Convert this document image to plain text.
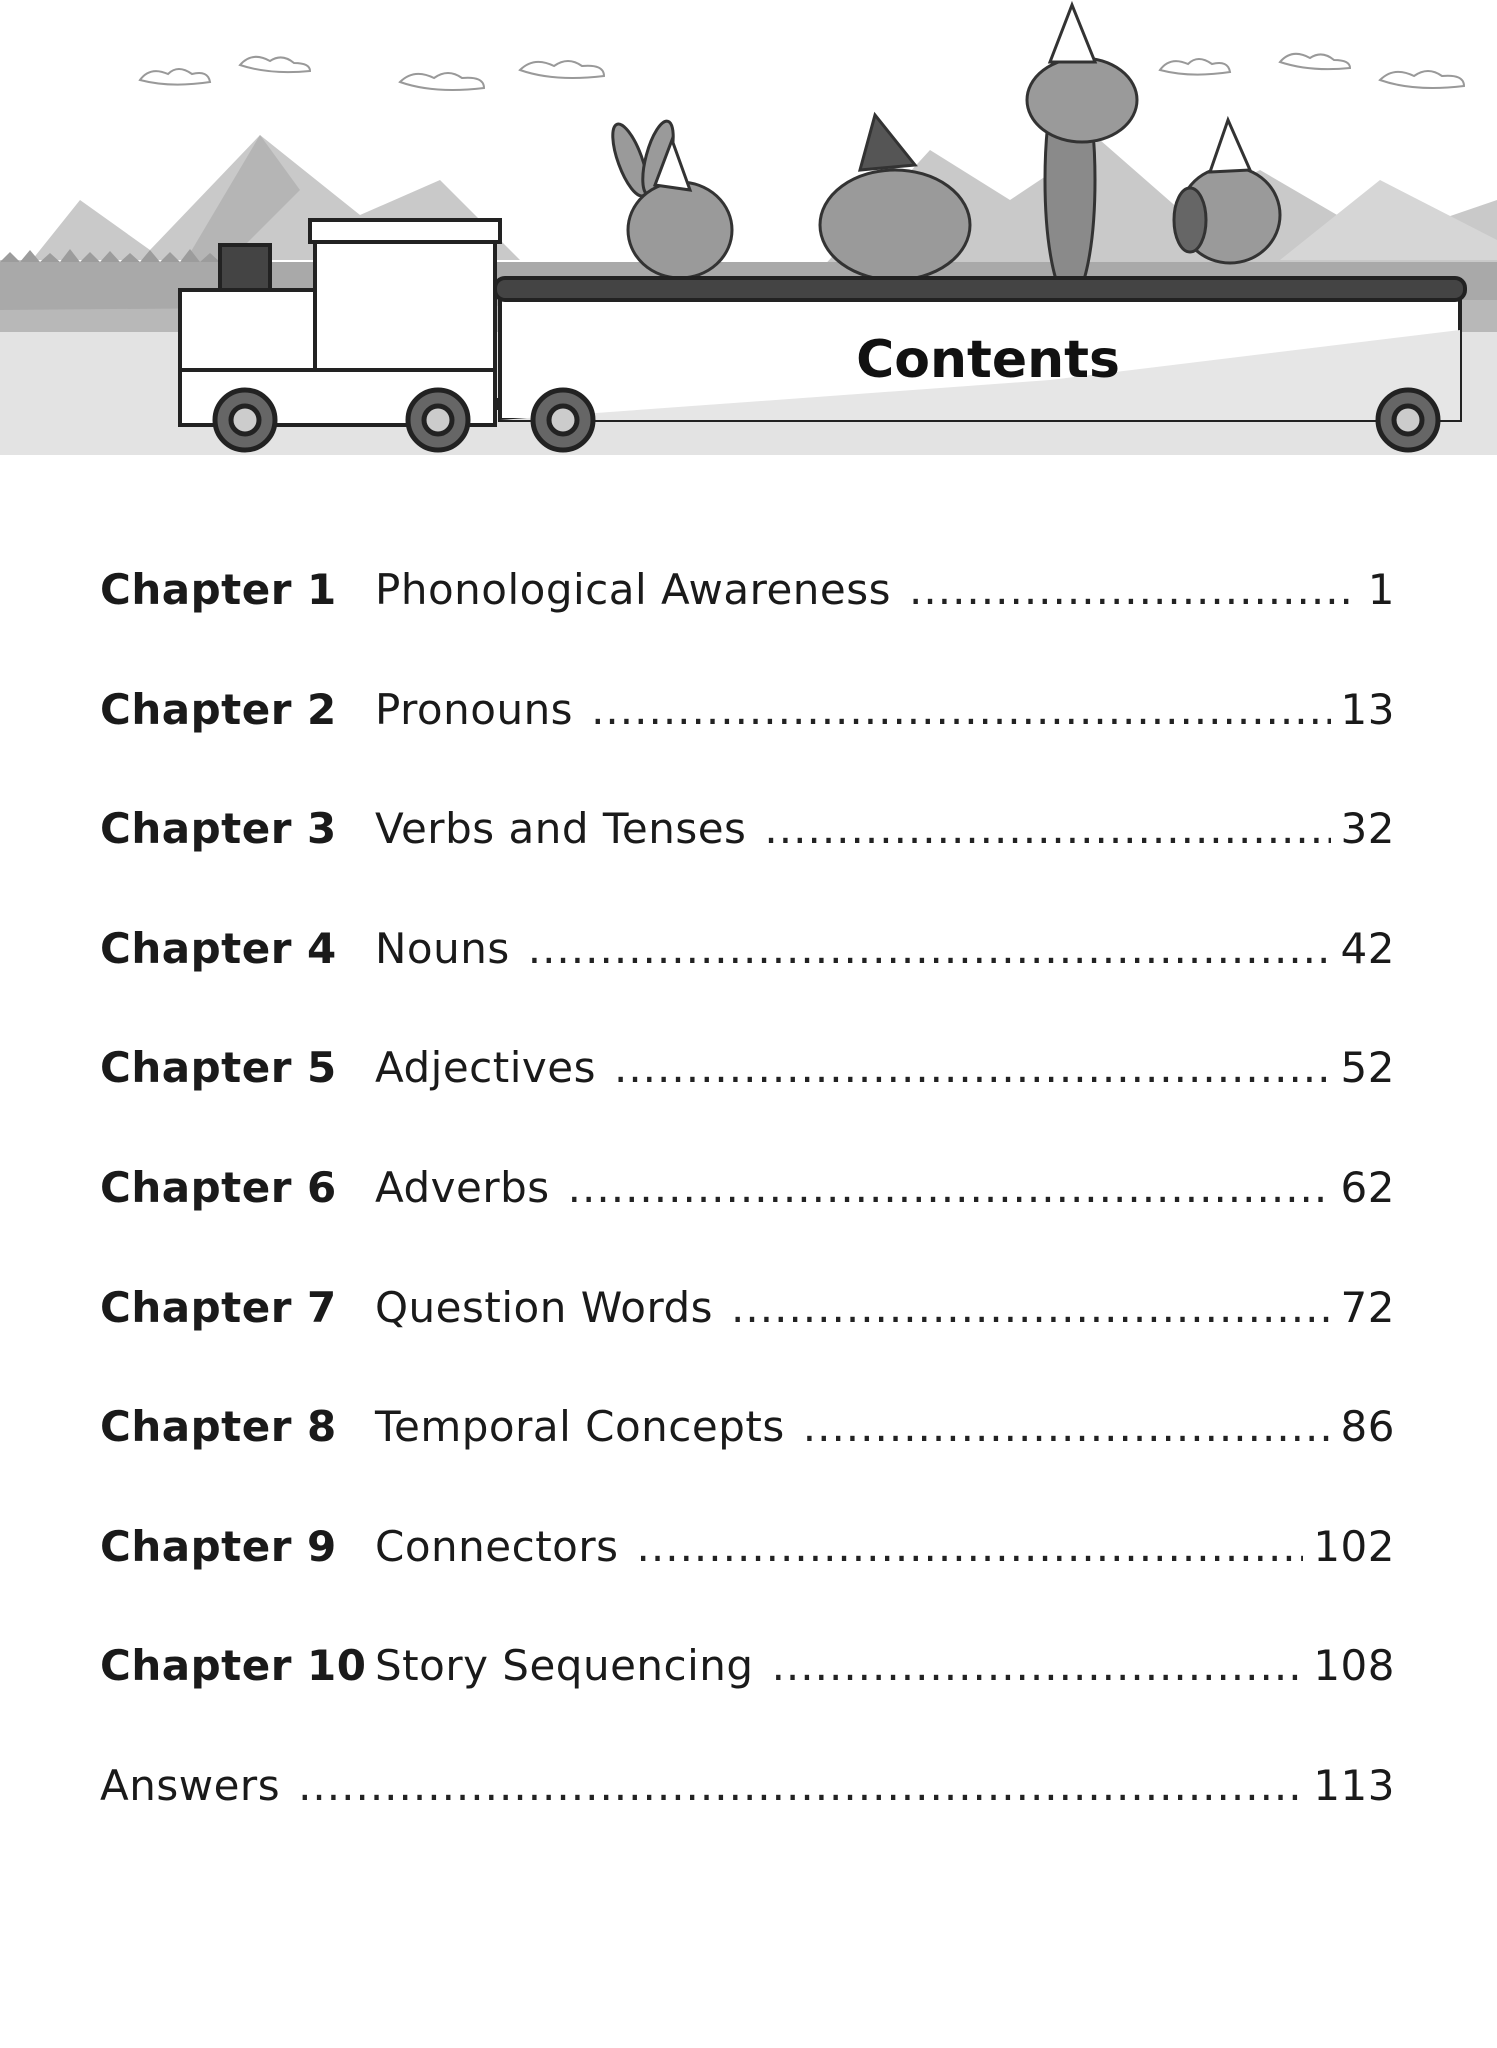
Contents
Chapter 1 Phonological Awareness .....	1
Chapter 2 Pronouns .....	13
Chapter 3 Verbs and Tenses .....	32
Chapter 4 Nouns .....	42
Chapter 5 Adjectives .....	52
Chapter 6 Adverbs .....	62
Chapter 7 Question Words .....	72
Chapter 8 Temporal Concepts .....	86
Chapter 9 Connectors .....	102
Chapter 10 Story Sequencing .....	108
Answers .....	113
